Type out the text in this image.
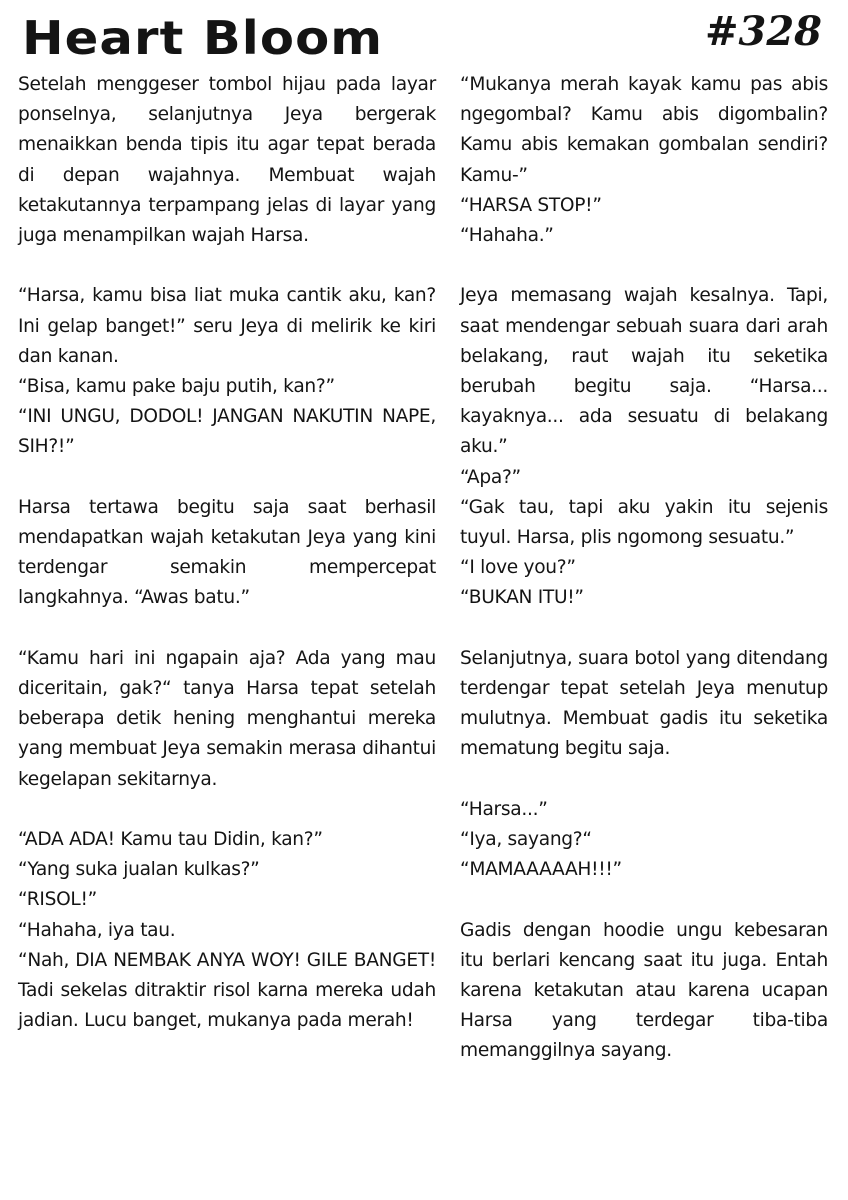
Heart Bloom	#328

Setelah menggeser tombol hijau pada layar ponselnya, selanjutnya Jeya bergerak menaikkan benda tipis itu agar tepat berada di depan wajahnya. Membuat wajah ketakutannya terpampang jelas di layar yang juga menampilkan wajah Harsa.

“Harsa, kamu bisa liat muka cantik aku, kan? Ini gelap banget!” seru Jeya di melirik ke kiri dan kanan.

“Bisa, kamu pake baju putih, kan?”

“INI UNGU, DODOL! JANGAN NAKUTIN NAPE, SIH?!”

Harsa tertawa begitu saja saat berhasil mendapatkan wajah ketakutan Jeya yang kini terdengar semakin mempercepat langkahnya. “Awas batu.”

“Kamu hari ini ngapain aja? Ada yang mau diceritain, gak?“ tanya Harsa tepat setelah beberapa detik hening menghantui mereka yang membuat Jeya semakin merasa dihantui kegelapan sekitarnya.

“ADA ADA! Kamu tau Didin, kan?”

“Yang suka jualan kulkas?”

“RISOL!”

“Hahaha, iya tau.

“Nah, DIA NEMBAK ANYA WOY! GILE BANGET! Tadi sekelas ditraktir risol karna mereka udah jadian. Lucu banget, mukanya pada merah!

“Mukanya merah kayak kamu pas abis ngegombal? Kamu abis digombalin? Kamu abis kemakan gombalan sendiri? Kamu-”

“HARSA STOP!”

“Hahaha.”

Jeya memasang wajah kesalnya. Tapi, saat mendengar sebuah suara dari arah belakang, raut wajah itu seketika berubah begitu saja. “Harsa... kayaknya... ada sesuatu di belakang aku.”

“Apa?”

“Gak tau, tapi aku yakin itu sejenis tuyul. Harsa, plis ngomong sesuatu.”

“I love you?”

“BUKAN ITU!”

Selanjutnya, suara botol yang ditendang terdengar tepat setelah Jeya menutup mulutnya. Membuat gadis itu seketika mematung begitu saja.

“Harsa...”

“Iya, sayang?“

“MAMAAAAAH!!!”

Gadis dengan hoodie ungu kebesaran itu berlari kencang saat itu juga. Entah karena ketakutan atau karena ucapan Harsa yang terdegar tiba-tiba memanggilnya sayang.
